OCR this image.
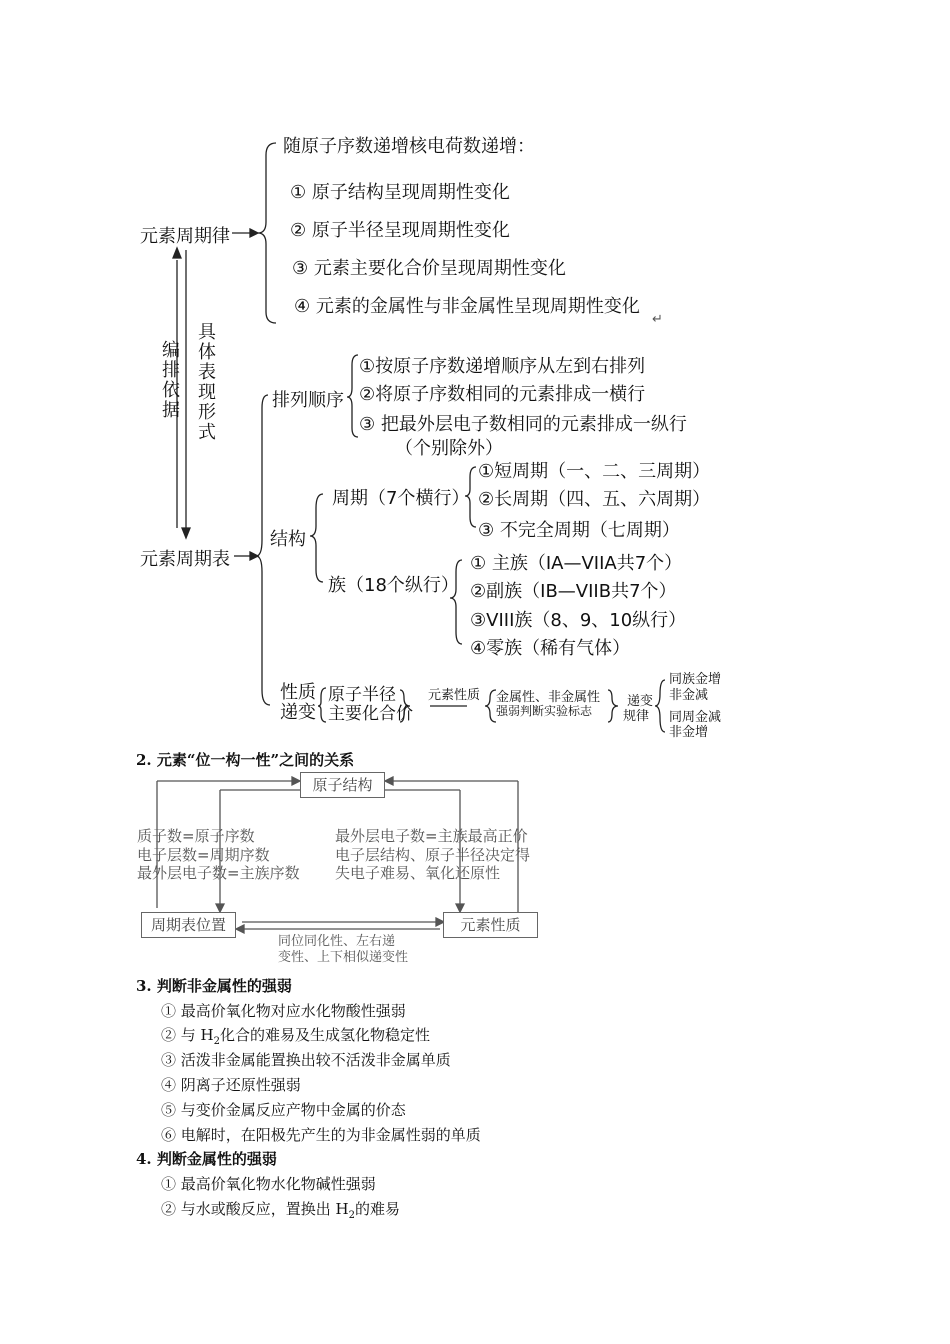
元素周期律
随原子序数递增核电荷数递增：
① 原子结构呈现周期性变化
② 原子半径呈现周期性变化
③ 元素主要化合价呈现周期性变化
④ 元素的金属性与非金属性呈现周期性变化
↵
编排依据 具体表现形式
元素周期表
排列顺序
①按原子序数递增顺序从左到右排列
②将原子序数相同的元素排成一横行
③ 把最外层电子数相同的元素排成一纵行
（个别除外）
结构
周期（7个横行）
①短周期（一、二、三周期）
②长周期（四、五、六周期）
③ 不完全周期（七周期）
族（18个纵行）
① 主族（IA—VIIA共7个）
②副族（IB—VIIB共7个）
③VIII族（8、9、10纵行）
④零族（稀有气体）
性质
递变
原子半径
主要化合价
元素性质 金属性、非金属性
强弱判断实验标志
递变
规律
同族金增
非金减
同周金减
非金增
2. 元素“位一构一性”之间的关系
原子结构
周期表位置	元素性质
质子数=原子序数
电子层数=周期序数
最外层电子数=主族序数
最外层电子数=主族最高正价
电子层结构、原子半径决定得
失电子难易、氧化还原性
同位同化性、左右递
变性、上下相似递变性
3. 判断非金属性的强弱
① 最高价氧化物对应水化物酸性强弱
② 与 $H_2$化合的难易及生成氢化物稳定性
③ 活泼非金属能置换出较不活泼非金属单质
④ 阴离子还原性强弱
⑤ 与变价金属反应产物中金属的价态
⑥ 电解时，在阳极先产生的为非金属性弱的单质
4. 判断金属性的强弱
① 最高价氧化物水化物碱性强弱
② 与水或酸反应，置换出 $H_2$的难易
